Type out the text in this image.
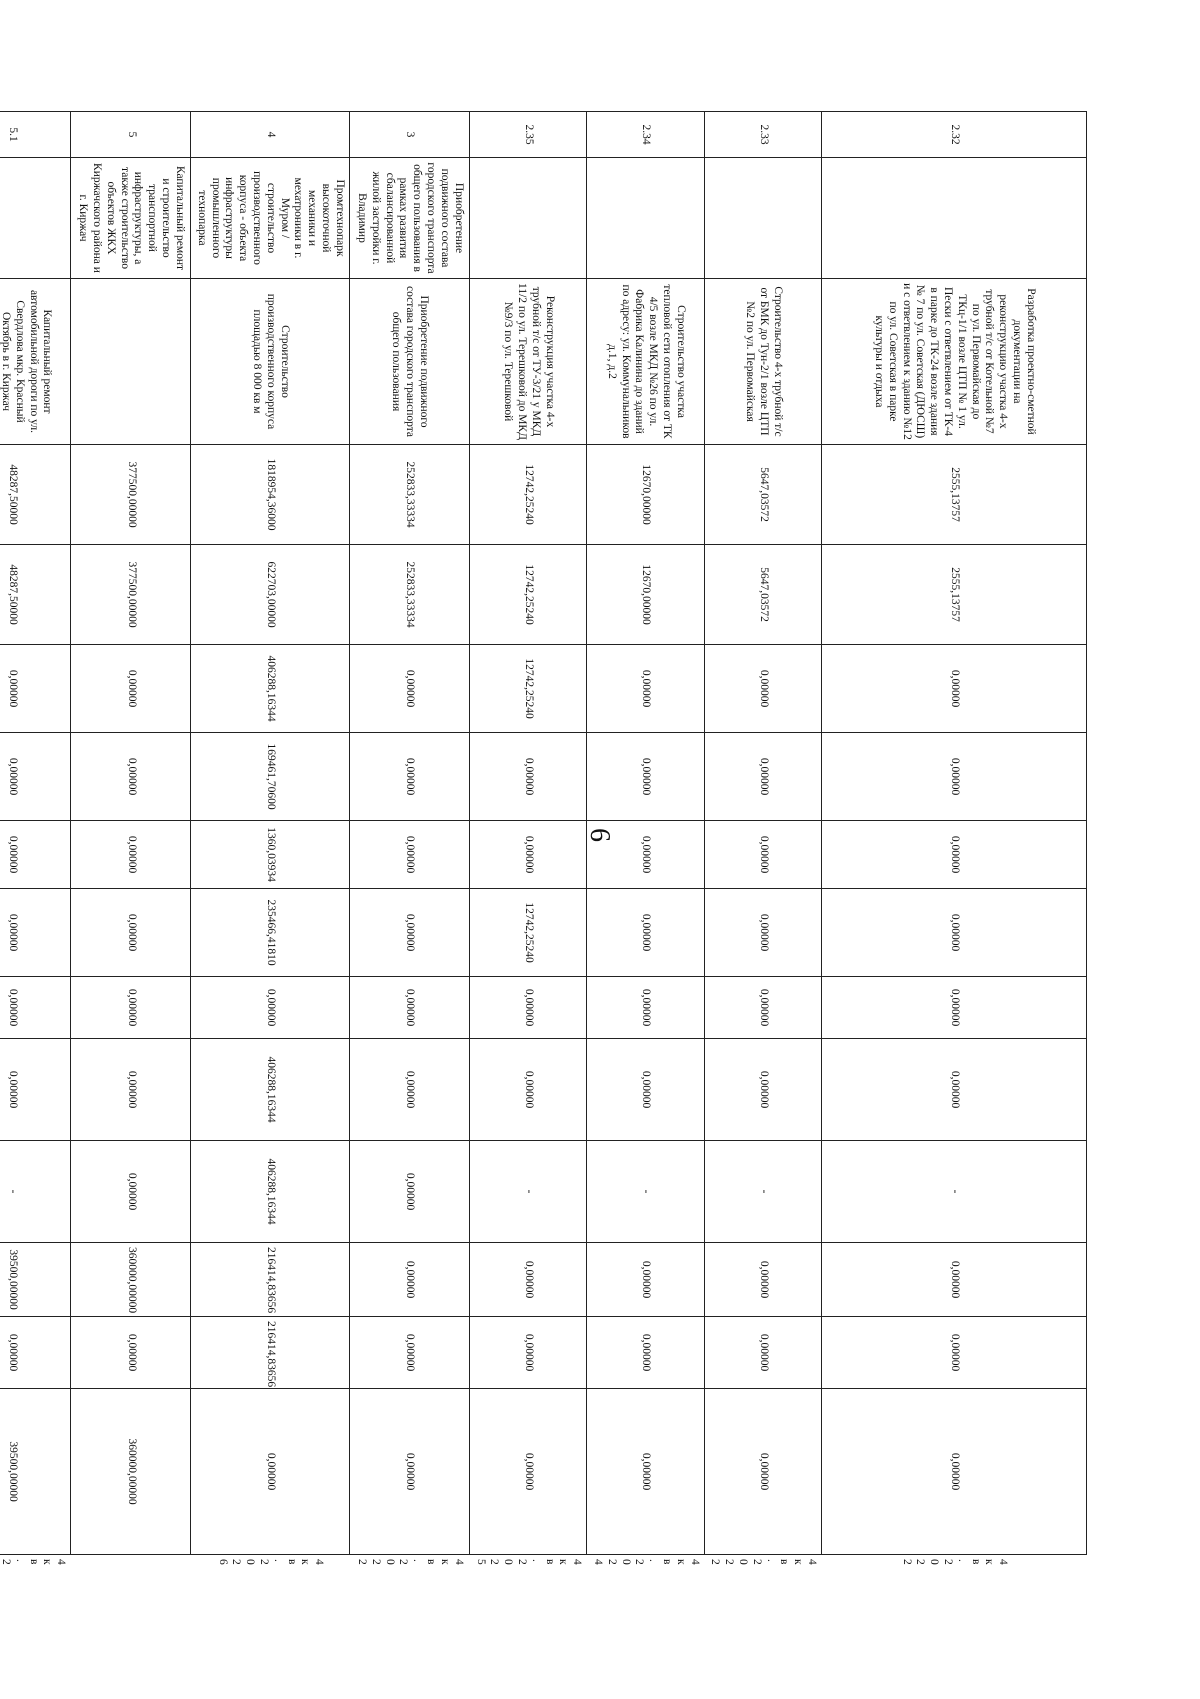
6
2.32		Разработка проектно-сметной документации на реконструкцию участка 4-х трубной т/с от Котельной №7 по ул. Первомайская до ТКц-1/1 возле ЦТП № 1 ул. Пески с ответвлением от ТК-4 в парке до ТК-24 возле здания № 7 по ул. Советская (ДЮСШ) и с ответвлением к зданию №12 по ул. Советская в парке культуры и отдыха	2555,13757	2555,13757	0,00000	0,00000	0,00000	0,00000	0,00000	0,00000	-	0,00000	0,00000	0,00000	4 кв. 2022
2.33		Строительство 4-х трубной т/с от БМК до Тун-2/1 возле ЦТП №2 по ул. Первомайская	5647,03572	5647,03572	0,00000	0,00000	0,00000	0,00000	0,00000	0,00000	-	0,00000	0,00000	0,00000	4 кв. 2022
2.34		Строительство участка тепловой сети отопления от ТК 4/5 возле МКД №26 по ул. Фабрика Калинина до зданий по адресу: ул. Коммунальников д.1, д.2	12670,00000	12670,00000	0,00000	0,00000	0,00000	0,00000	0,00000	0,00000	-	0,00000	0,00000	0,00000	4 кв. 2024
2.35		Реконструкция участка 4-х трубной т/с от ТУ-3/21 у МКД 11/2 по ул. Терешковой до МКД №9/3 по ул. Терешковой	12742,25240	12742,25240	12742,25240	0,00000	0,00000	12742,25240	0,00000	0,00000	-	0,00000	0,00000	0,00000	4 кв. 2025
3	Приобретение подвижного состава городского транспорта общего пользования в рамках развития сбалансированной жилой застройки г. Владимир	Приобретение подвижного состава городского транспорта общего пользования	252833,33334	252833,33334	0,00000	0,00000	0,00000	0,00000	0,00000	0,00000	0,00000	0,00000	0,00000	0,00000	4 кв. 2022
4	Промтехнопарк высокоточной механики и мехатроники в г. Муром / строительство производственного корпуса - объекта инфраструктуры промышленного технопарка	Строительство производственного корпуса площадью 8 000 кв м	1818954,36000	622703,00000	406288,16344	169461,70600	1360,03934	235466,41810	0,00000	406288,16344	406288,16344	216414,83656	216414,83656	0,00000	4 кв. 2026
5	Капитальный ремонт и строительство транспортной инфраструктуры, а также строительство объектов ЖКХ Киржачского района и г. Киржач		377500,00000	377500,00000	0,00000	0,00000	0,00000	0,00000	0,00000	0,00000	0,00000	360000,00000	0,00000	360000,00000	
5.1		Капитальный ремонт автомобильной дороги по ул. Свердлова мкр. Красный Октябрь в г. Киржач	48287,50000	48287,50000	0,00000	0,00000	0,00000	0,00000	0,00000	0,00000	-	39500,00000	0,00000	39500,00000	4 кв. 2
